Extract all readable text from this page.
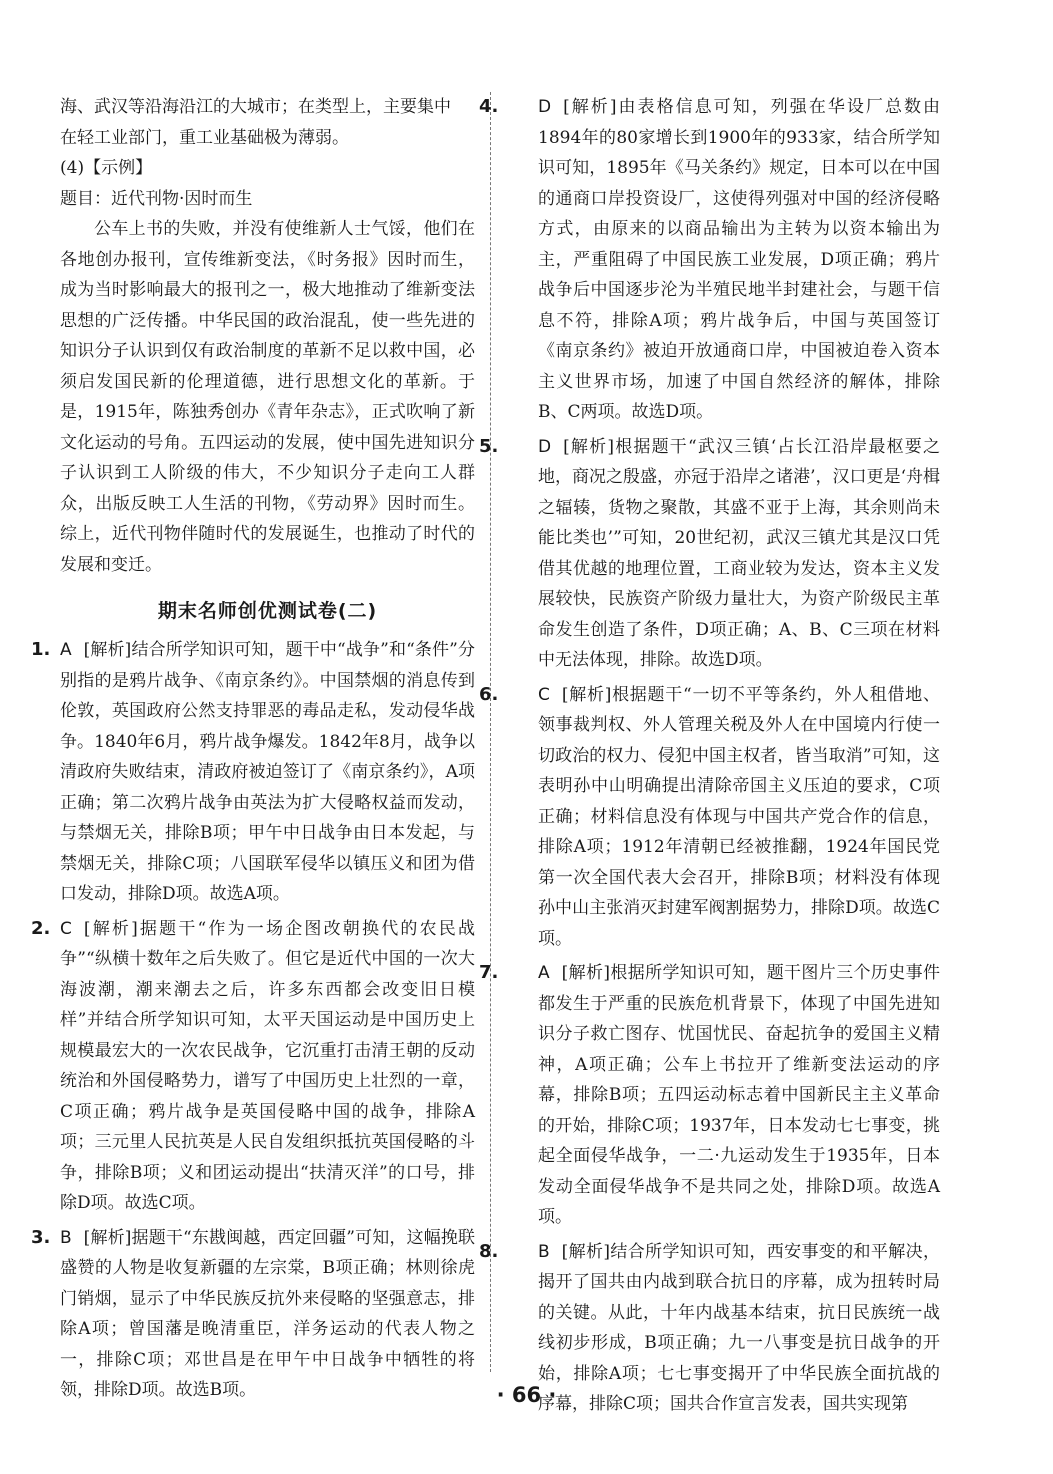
海、武汉等沿海沿江的大城市；在类型上，主要集中

在轻工业部门，重工业基础极为薄弱。

(4)【示例】

题目：近代刊物·因时而生

公车上书的失败，并没有使维新人士气馁，他们在各地创办报刊，宣传维新变法，《时务报》因时而生，成为当时影响最大的报刊之一，极大地推动了维新变法思想的广泛传播。中华民国的政治混乱，使一些先进的知识分子认识到仅有政治制度的革新不足以救中国，必须启发国民新的伦理道德，进行思想文化的革新。于是，1915年，陈独秀创办《青年杂志》，正式吹响了新文化运动的号角。五四运动的发展，使中国先进知识分子认识到工人阶级的伟大，不少知识分子走向工人群众，出版反映工人生活的刊物，《劳动界》因时而生。综上，近代刊物伴随时代的发展诞生，也推动了时代的发展和变迁。

期末名师创优测试卷(二)

1. A [解析]结合所学知识可知，题干中“战争”和“条件”分别指的是鸦片战争、《南京条约》。中国禁烟的消息传到伦敦，英国政府公然支持罪恶的毒品走私，发动侵华战争。1840年6月，鸦片战争爆发。1842年8月，战争以清政府失败结束，清政府被迫签订了《南京条约》，A项正确；第二次鸦片战争由英法为扩大侵略权益而发动，与禁烟无关，排除B项；甲午中日战争由日本发起，与禁烟无关，排除C项；八国联军侵华以镇压义和团为借口发动，排除D项。故选A项。

2. C [解析]据题干“作为一场企图改朝换代的农民战争”“纵横十数年之后失败了。但它是近代中国的一次大海波潮，潮来潮去之后，许多东西都会改变旧日模样”并结合所学知识可知，太平天国运动是中国历史上规模最宏大的一次农民战争，它沉重打击清王朝的反动统治和外国侵略势力，谱写了中国历史上壮烈的一章，C项正确；鸦片战争是英国侵略中国的战争，排除A项；三元里人民抗英是人民自发组织抵抗英国侵略的斗争，排除B项；义和团运动提出“扶清灭洋”的口号，排除D项。故选C项。

3. B [解析]据题干“东戡闽越，西定回疆”可知，这幅挽联盛赞的人物是收复新疆的左宗棠，B项正确；林则徐虎门销烟，显示了中华民族反抗外来侵略的坚强意志，排除A项；曾国藩是晚清重臣，洋务运动的代表人物之一，排除C项；邓世昌是在甲午中日战争中牺牲的将领，排除D项。故选B项。

4. D [解析]由表格信息可知，列强在华设厂总数由1894年的80家增长到1900年的933家，结合所学知识可知，1895年《马关条约》规定，日本可以在中国的通商口岸投资设厂，这使得列强对中国的经济侵略方式，由原来的以商品输出为主转为以资本输出为主，严重阻碍了中国民族工业发展，D项正确；鸦片战争后中国逐步沦为半殖民地半封建社会，与题干信息不符，排除A项；鸦片战争后，中国与英国签订《南京条约》被迫开放通商口岸，中国被迫卷入资本主义世界市场，加速了中国自然经济的解体，排除B、C两项。故选D项。

5. D [解析]根据题干“武汉三镇‘占长江沿岸最枢要之地，商况之殷盛，亦冠于沿岸之诸港’，汉口更是‘舟楫之辐辏，货物之聚散，其盛不亚于上海，其余则尚未能比类也’”可知，20世纪初，武汉三镇尤其是汉口凭借其优越的地理位置，工商业较为发达，资本主义发展较快，民族资产阶级力量壮大，为资产阶级民主革命发生创造了条件，D项正确；A、B、C三项在材料中无法体现，排除。故选D项。

6. C [解析]根据题干“一切不平等条约，外人租借地、领事裁判权、外人管理关税及外人在中国境内行使一切政治的权力、侵犯中国主权者，皆当取消”可知，这表明孙中山明确提出清除帝国主义压迫的要求，C项正确；材料信息没有体现与中国共产党合作的信息，排除A项；1912年清朝已经被推翻，1924年国民党第一次全国代表大会召开，排除B项；材料没有体现孙中山主张消灭封建军阀割据势力，排除D项。故选C项。

7. A [解析]根据所学知识可知，题干图片三个历史事件都发生于严重的民族危机背景下，体现了中国先进知识分子救亡图存、忧国忧民、奋起抗争的爱国主义精神，A项正确；公车上书拉开了维新变法运动的序幕，排除B项；五四运动标志着中国新民主主义革命的开始，排除C项；1937年，日本发动七七事变，挑起全面侵华战争，一二·九运动发生于1935年，日本发动全面侵华战争不是共同之处，排除D项。故选A项。

8. B [解析]结合所学知识可知，西安事变的和平解决，揭开了国共由内战到联合抗日的序幕，成为扭转时局的关键。从此，十年内战基本结束，抗日民族统一战线初步形成，B项正确；九一八事变是抗日战争的开始，排除A项；七七事变揭开了中华民族全面抗战的序幕，排除C项；国共合作宣言发表，国共实现第

· 66 ·
